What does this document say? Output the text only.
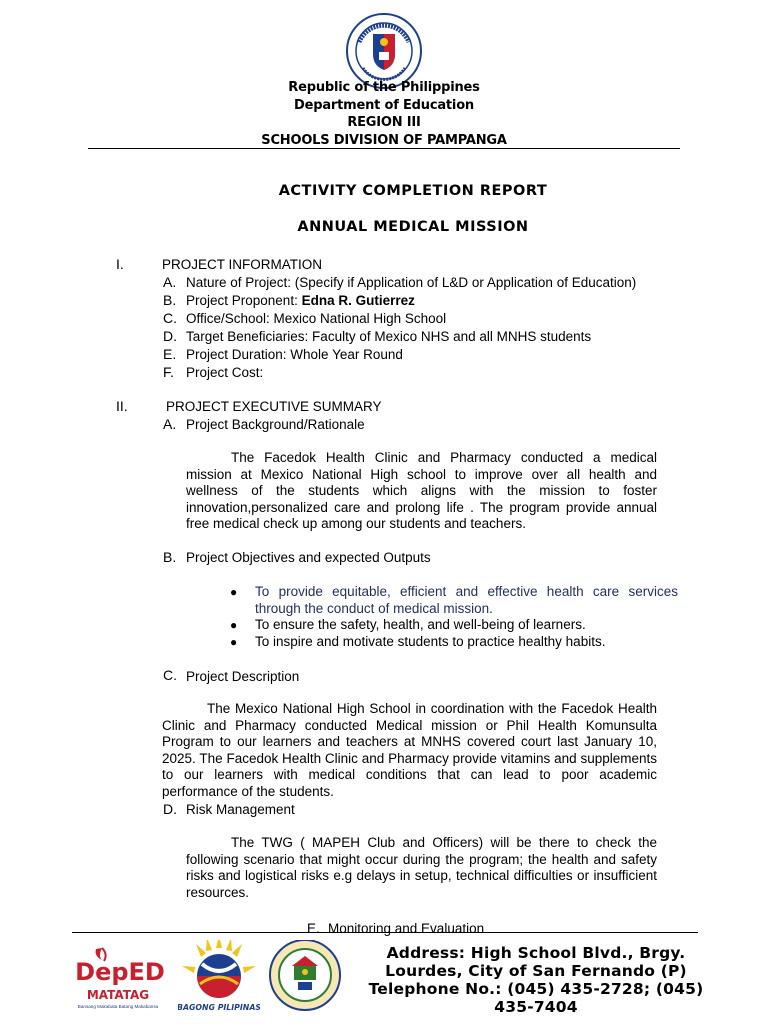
Republic of the Philippines
Department of Education
REGION III
SCHOOLS DIVISION OF PAMPANGA
ACTIVITY COMPLETION REPORT
ANNUAL MEDICAL MISSION
I.	PROJECT INFORMATION
A. Nature of Project: (Specify if Application of L&D or Application of Education)
B. Project Proponent: Edna R. Gutierrez
C. Office/School: Mexico National High School
D. Target Beneficiaries: Faculty of Mexico NHS and all MNHS students
E. Project Duration: Whole Year Round
F. Project Cost:
II.	PROJECT EXECUTIVE SUMMARY
A. Project Background/Rationale
The Facedok Health Clinic and Pharmacy conducted a medical mission at Mexico National High school to improve over all health and wellness of the students which aligns with the mission to foster innovation,personalized care and prolong life . The program provide annual free medical check up among our students and teachers.
B. Project Objectives and expected Outputs
● To provide equitable, efficient and effective health care services through the conduct of medical mission.
● To ensure the safety, health, and well-being of learners.
● To inspire and motivate students to practice healthy habits.
C. Project Description
The Mexico National High School in coordination with the Facedok Health Clinic and Pharmacy conducted Medical mission or Phil Health Komunsulta Program to our learners and teachers at MNHS covered court last January 10, 2025. The Facedok Health Clinic and Pharmacy provide vitamins and supplements to our learners with medical conditions that can lead to poor academic performance of the students.
D. Risk Management
The TWG ( MAPEH Club and Officers) will be there to check the following scenario that might occur during the program; the health and safety risks and logistical risks e.g delays in setup, technical difficulties or insufficient resources.
E. Monitoring and Evaluation
DepED
MATATAG
Bansang Makabata Batang Makabansa BAGONG PILIPINAS
Address: High School Blvd., Brgy.
Lourdes, City of San Fernando (P)
Telephone No.: (045) 435-2728; (045)
435-7404
